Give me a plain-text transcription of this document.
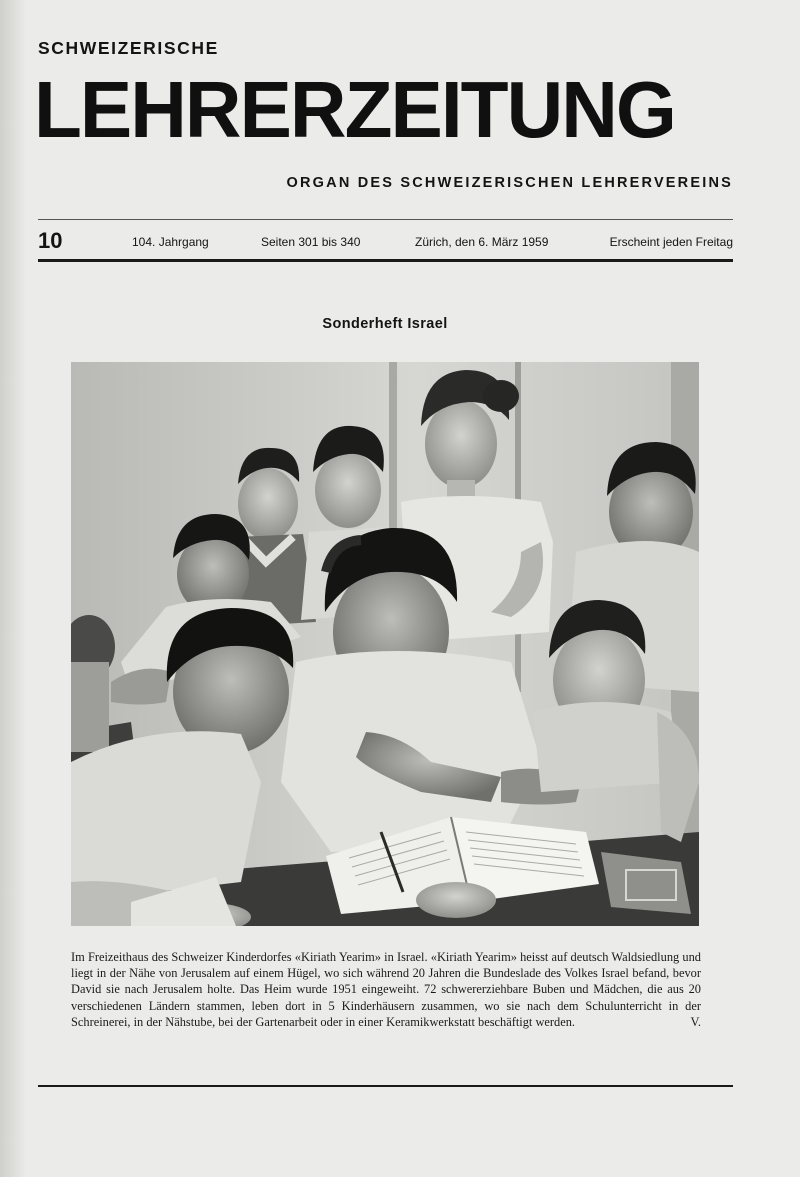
SCHWEIZERISCHE
LEHRERZEITUNG
ORGAN DES SCHWEIZERISCHEN LEHRERVEREINS
10	104. Jahrgang	Seiten 301 bis 340	Zürich, den 6. März 1959	Erscheint jeden Freitag
Sonderheft Israel

Im Freizeithaus des Schweizer Kinderdorfes «Kiriath Yearim» in Israel. «Kiriath Yearim» heisst auf deutsch Waldsiedlung und liegt in der Nähe von Jerusalem auf einem Hügel, wo sich während 20 Jahren die Bundeslade des Volkes Israel befand, bevor David sie nach Jerusalem holte. Das Heim wurde 1951 eingeweiht. 72 schwererziehbare Buben und Mädchen, die aus 20 verschiedenen Ländern stammen, leben dort in 5 Kinderhäusern zusammen, wo sie nach dem Schulunterricht in der Schreinerei, in der Nähstube, bei der Gartenarbeit oder in einer Keramikwerkstatt beschäftigt werden.	V.
